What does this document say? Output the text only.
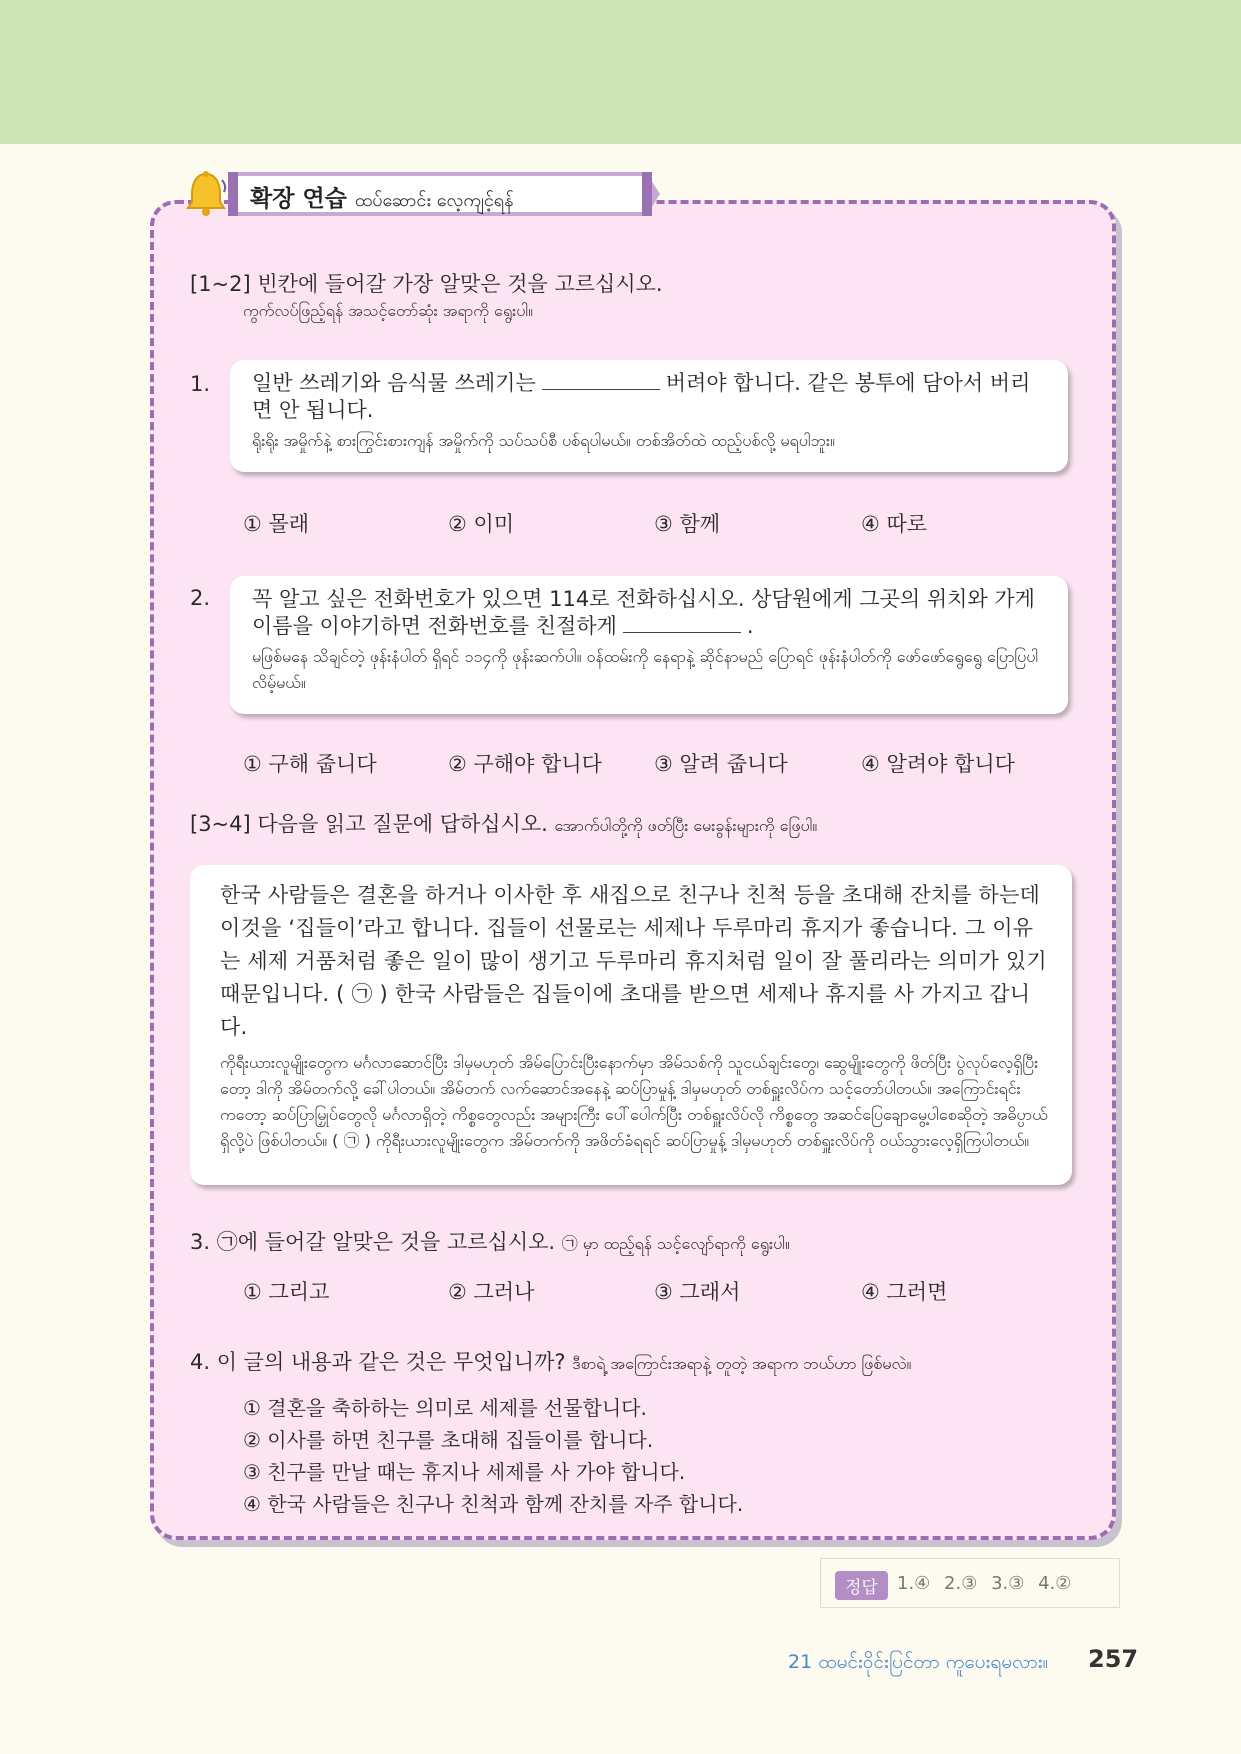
확장 연습 ထပ်ဆောင်း လေ့ကျင့်ရန်
[1~2] 빈칸에 들어갈 가장 알맞은 것을 고르십시오.
ကွက်လပ်ဖြည့်ရန် အသင့်တော်ဆုံး အရာကို ရွေးပါ။
1. 일반 쓰레기와 음식물 쓰레기는	버려야 합니다. 같은 봉투에 담아서 버리면 안 됩니다.
ရိုးရိုး အမှိုက်နဲ့ စားကြွင်းစားကျန် အမှိုက်ကို သပ်သပ်စီ ပစ်ရပါမယ်။ တစ်အိတ်ထဲ ထည့်ပစ်လို့ မရပါဘူး။
① 몰래	② 이미	③ 함께	④ 따로
2. 꼭 알고 싶은 전화번호가 있으면 114로 전화하십시오. 상담원에게 그곳의 위치와 가게 이름을 이야기하면 전화번호를 친절하게	.
မဖြစ်မနေ သိချင်တဲ့ ဖုန်းနံပါတ် ရှိရင် ၁၁၄ကို ဖုန်းဆက်ပါ။ ဝန်ထမ်းကို နေရာနဲ့ ဆိုင်နာမည် ပြောရင် ဖုန်းနံပါတ်ကို ဖော်ဖော်ရွေရွေ ပြောပြပါလိမ့်မယ်။
① 구해 줍니다	② 구해야 합니다 ③ 알려 줍니다	④ 알려야 합니다
[3~4] 다음을 읽고 질문에 답하십시오. အောက်ပါတို့ကို ဖတ်ပြီး မေးခွန်းများကို ဖြေပါ။
한국 사람들은 결혼을 하거나 이사한 후 새집으로 친구나 친척 등을 초대해 잔치를 하는데 이것을 ‘집들이’라고 합니다. 집들이 선물로는 세제나 두루마리 휴지가 좋습니다. 그 이유는 세제 거품처럼 좋은 일이 많이 생기고 두루마리 휴지처럼 일이 잘 풀리라는 의미가 있기 때문입니다. ( ㉠ ) 한국 사람들은 집들이에 초대를 받으면 세제나 휴지를 사 가지고 갑니다.
ကိုရီးယားလူမျိုးတွေက မင်္ဂလာဆောင်ပြီး ဒါမှမဟုတ် အိမ်ပြောင်းပြီးနောက်မှာ အိမ်သစ်ကို သူငယ်ချင်းတွေ၊ ဆွေမျိုးတွေကို ဖိတ်ပြီး ပွဲလုပ်လေ့ရှိပြီးတော့ ဒါကို အိမ်တက်လို့ ခေါ်ပါတယ်။ အိမ်တက် လက်ဆောင်အနေနဲ့ ဆပ်ပြာမှုန့် ဒါမှမဟုတ် တစ်ရှူးလိပ်က သင့်တော်ပါတယ်။ အကြောင်းရင်းကတော့ ဆပ်ပြာမြှုပ်တွေလို မင်္ဂလာရှိတဲ့ ကိစ္စတွေလည်း အများကြီး ပေါ်ပေါက်ပြီး တစ်ရှူးလိပ်လို ကိစ္စတွေ အဆင်ပြေချောမွေ့ပါစေဆိုတဲ့ အဓိပ္ပာယ်ရှိလို့ပဲ ဖြစ်ပါတယ်။ ( ㉠ ) ကိုရီးယားလူမျိုးတွေက အိမ်တက်ကို အဖိတ်ခံရရင် ဆပ်ပြာမှုန့် ဒါမှမဟုတ် တစ်ရှူးလိပ်ကို ဝယ်သွားလေ့ရှိကြပါတယ်။
3. ㉠에 들어갈 알맞은 것을 고르십시오. ㉠ မှာ ထည့်ရန် သင့်လျော်ရာကို ရွေးပါ။
① 그리고	② 그러나	③ 그래서	④ 그러면
4. 이 글의 내용과 같은 것은 무엇입니까? ဒီစာရဲ့ အကြောင်းအရာနဲ့ တူတဲ့ အရာက ဘယ်ဟာ ဖြစ်မလဲ။
① 결혼을 축하하는 의미로 세제를 선물합니다.
② 이사를 하면 친구를 초대해 집들이를 합니다.
③ 친구를 만날 때는 휴지나 세제를 사 가야 합니다.
④ 한국 사람들은 친구나 친척과 함께 잔치를 자주 합니다.
정답	1.④ 2.③ 3.③ 4.②
21 ထမင်းဝိုင်းပြင်တာ ကူပေးရမလား။ 257
